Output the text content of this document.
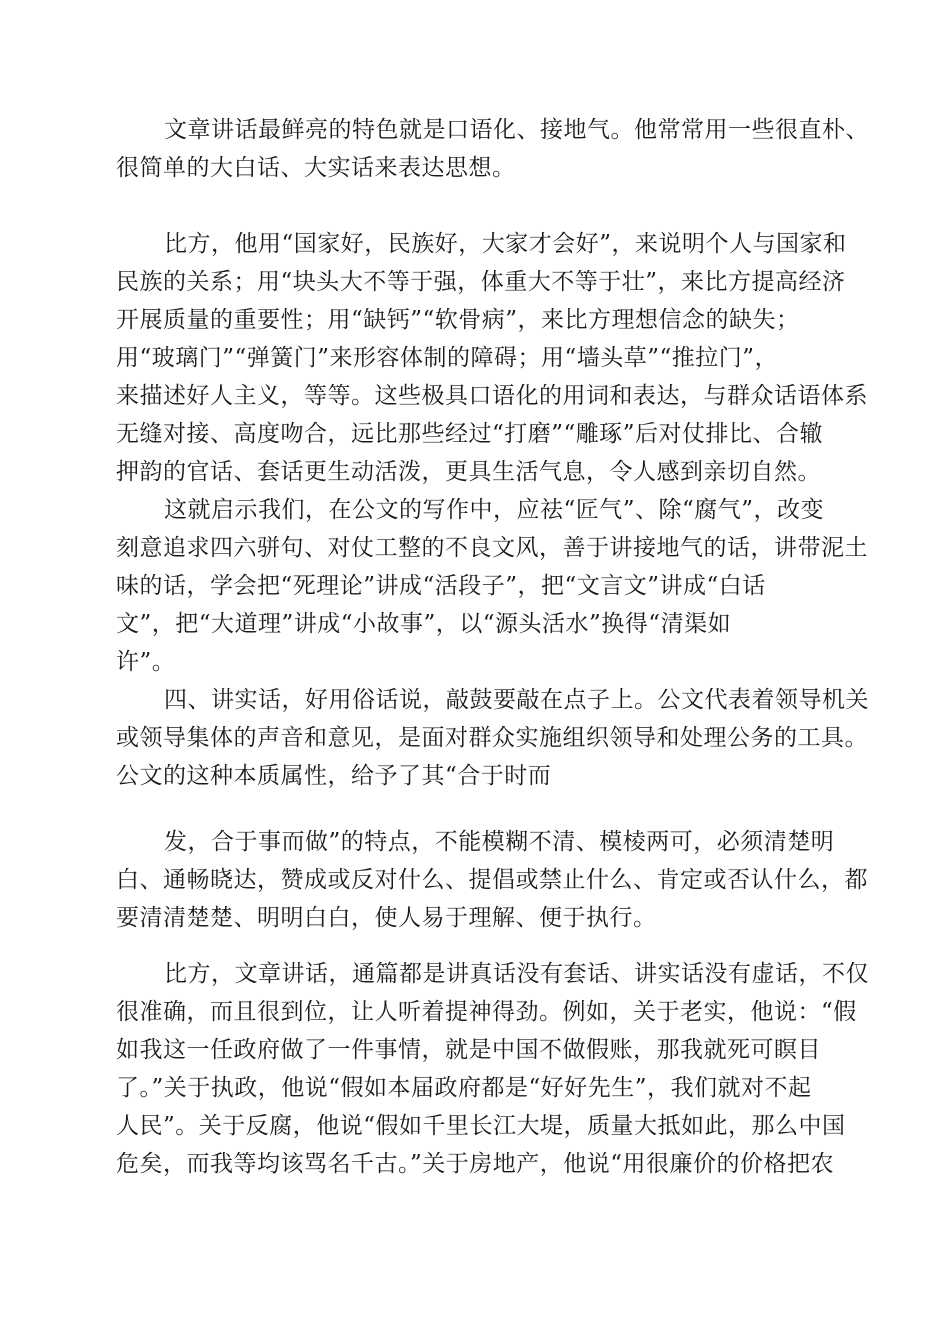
文章讲话最鲜亮的特色就是口语化、接地气。他常常用一些很直朴、
很简单的大白话、大实话来表达思想。
比方，他用“国家好，民族好，大家才会好”，来说明个人与国家和
民族的关系；用“块头大不等于强，体重大不等于壮”，来比方提高经济
开展质量的重要性；用“缺钙”“软骨病”，来比方理想信念的缺失；
用“玻璃门”“弹簧门”来形容体制的障碍；用“墙头草”“推拉门”，
来描述好人主义，等等。这些极具口语化的用词和表达，与群众话语体系
无缝对接、高度吻合，远比那些经过“打磨”“雕琢”后对仗排比、合辙
押韵的官话、套话更生动活泼，更具生活气息，令人感到亲切自然。
这就启示我们，在公文的写作中，应祛“匠气”、除“腐气”，改变
刻意追求四六骈句、对仗工整的不良文风，善于讲接地气的话，讲带泥土
味的话，学会把“死理论”讲成“活段子”，把“文言文”讲成“白话
文”，把“大道理”讲成“小故事”，以“源头活水”换得“清渠如
许”。
四、讲实话，好用俗话说，敲鼓要敲在点子上。公文代表着领导机关
或领导集体的声音和意见，是面对群众实施组织领导和处理公务的工具。
公文的这种本质属性，给予了其“合于时而
发，合于事而做”的特点，不能模糊不清、模棱两可，必须清楚明
白、通畅晓达，赞成或反对什么、提倡或禁止什么、肯定或否认什么，都
要清清楚楚、明明白白，使人易于理解、便于执行。
比方，文章讲话，通篇都是讲真话没有套话、讲实话没有虚话，不仅
很准确，而且很到位，让人听着提神得劲。例如，关于老实，他说：“假
如我这一任政府做了一件事情，就是中国不做假账，那我就死可瞑目
了。”关于执政，他说“假如本届政府都是“好好先生”，我们就对不起
人民”。关于反腐，他说“假如千里长江大堤，质量大抵如此，那么中国
危矣，而我等均该骂名千古。”关于房地产，他说“用很廉价的价格把农
